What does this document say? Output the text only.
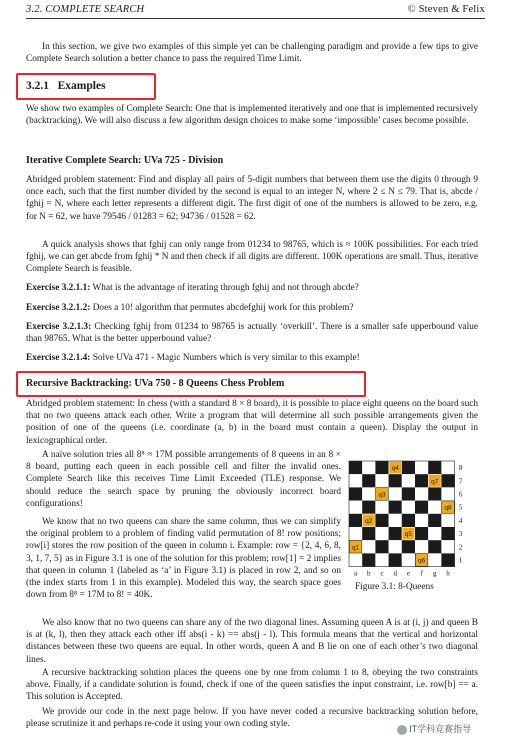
3.2. COMPLETE SEARCH	© Steven & Felix

In this section, we give two examples of this simple yet can be challenging paradigm and provide a few tips to give Complete Search solution a better chance to pass the required Time Limit.

3.2.1 Examples

We show two examples of Complete Search: One that is implemented iteratively and one that is implemented recursively (backtracking). We will also discuss a few algorithm design choices to make some ‘impossible’ cases become possible.

Iterative Complete Search: UVa 725 - Division

Abridged problem statement: Find and display all pairs of 5-digit numbers that between them use the digits 0 through 9 once each, such that the first number divided by the second is equal to an integer N, where 2 ≤ N ≤ 79. That is, abcde / fghij = N, where each letter represents a different digit. The first digit of one of the numbers is allowed to be zero, e.g. for N = 62, we have 79546 / 01283 = 62; 94736 / 01528 = 62.

A quick analysis shows that fghij can only range from 01234 to 98765, which is ≈ 100K possibilities. For each tried fghij, we can get abcde from fghij * N and then check if all digits are different. 100K operations are small. Thus, iterative Complete Search is feasible.

Exercise 3.2.1.1: What is the advantage of iterating through fghij and not through abcde?

Exercise 3.2.1.2: Does a 10! algorithm that permutes abcdefghij work for this problem?

Exercise 3.2.1.3: Checking fghij from 01234 to 98765 is actually ‘overkill’. There is a smaller safe upperbound value than 98765. What is the better upperbound value?

Exercise 3.2.1.4: Solve UVa 471 - Magic Numbers which is very similar to this example!

Recursive Backtracking: UVa 750 - 8 Queens Chess Problem

Abridged problem statement: In chess (with a standard 8 × 8 board), it is possible to place eight queens on the board such that no two queens attack each other. Write a program that will determine all such possible arrangements given the position of one of the queens (i.e. coordinate (a, b) in the board must contain a queen). Display the output in lexicographical order.

A naïve solution tries all 8⁸ ≈ 17M possible arrangements of 8 queens in an 8 × 8 board, putting each queen in each possible cell and filter the invalid ones. Complete Search like this receives Time Limit Exceeded (TLE) response. We should reduce the search space by pruning the obviously incorrect board configurations!

We know that no two queens can share the same column, thus we can simplify the original problem to a problem of finding valid permutation of 8! row positions; row[i] stores the row position of the queen in column i. Example: row = {2, 4, 6, 8, 3, 1, 7, 5} as in Figure 3.1 is one of the solution for this problem; row[1] = 2 implies that queen in column 1 (labeled as ‘a’ in Figure 3.1) is placed in row 2, and so on (the index starts from 1 in this example). Modeled this way, the search space goes down from 8⁸ = 17M to 8! = 40K.

We also know that no two queens can share any of the two diagonal lines. Assuming queen A is at (i, j) and queen B is at (k, l), then they attack each other iff abs(i - k) == abs(j - l). This formula means that the vertical and horizontal distances between these two queens are equal. In other words, queen A and B lie on one of each other’s two diagonal lines.

A recursive backtracking solution places the queens one by one from column 1 to 8, obeying the two constraints above. Finally, if a candidate solution is found, check if one of the queen satisfies the input constraint, i.e. row[b] == a. This solution is Accepted.

We provide our code in the next page below. If you have never coded a recursive backtracking solution before, please scrutinize it and perhaps re-code it using your own coding style.

q1
q2
q3
q4
q5
q6
q7
q8
a b c d e f g h
8
7
6
5
4
3
2
1
Figure 3.1: 8-Queens
IT学科竞赛指导
